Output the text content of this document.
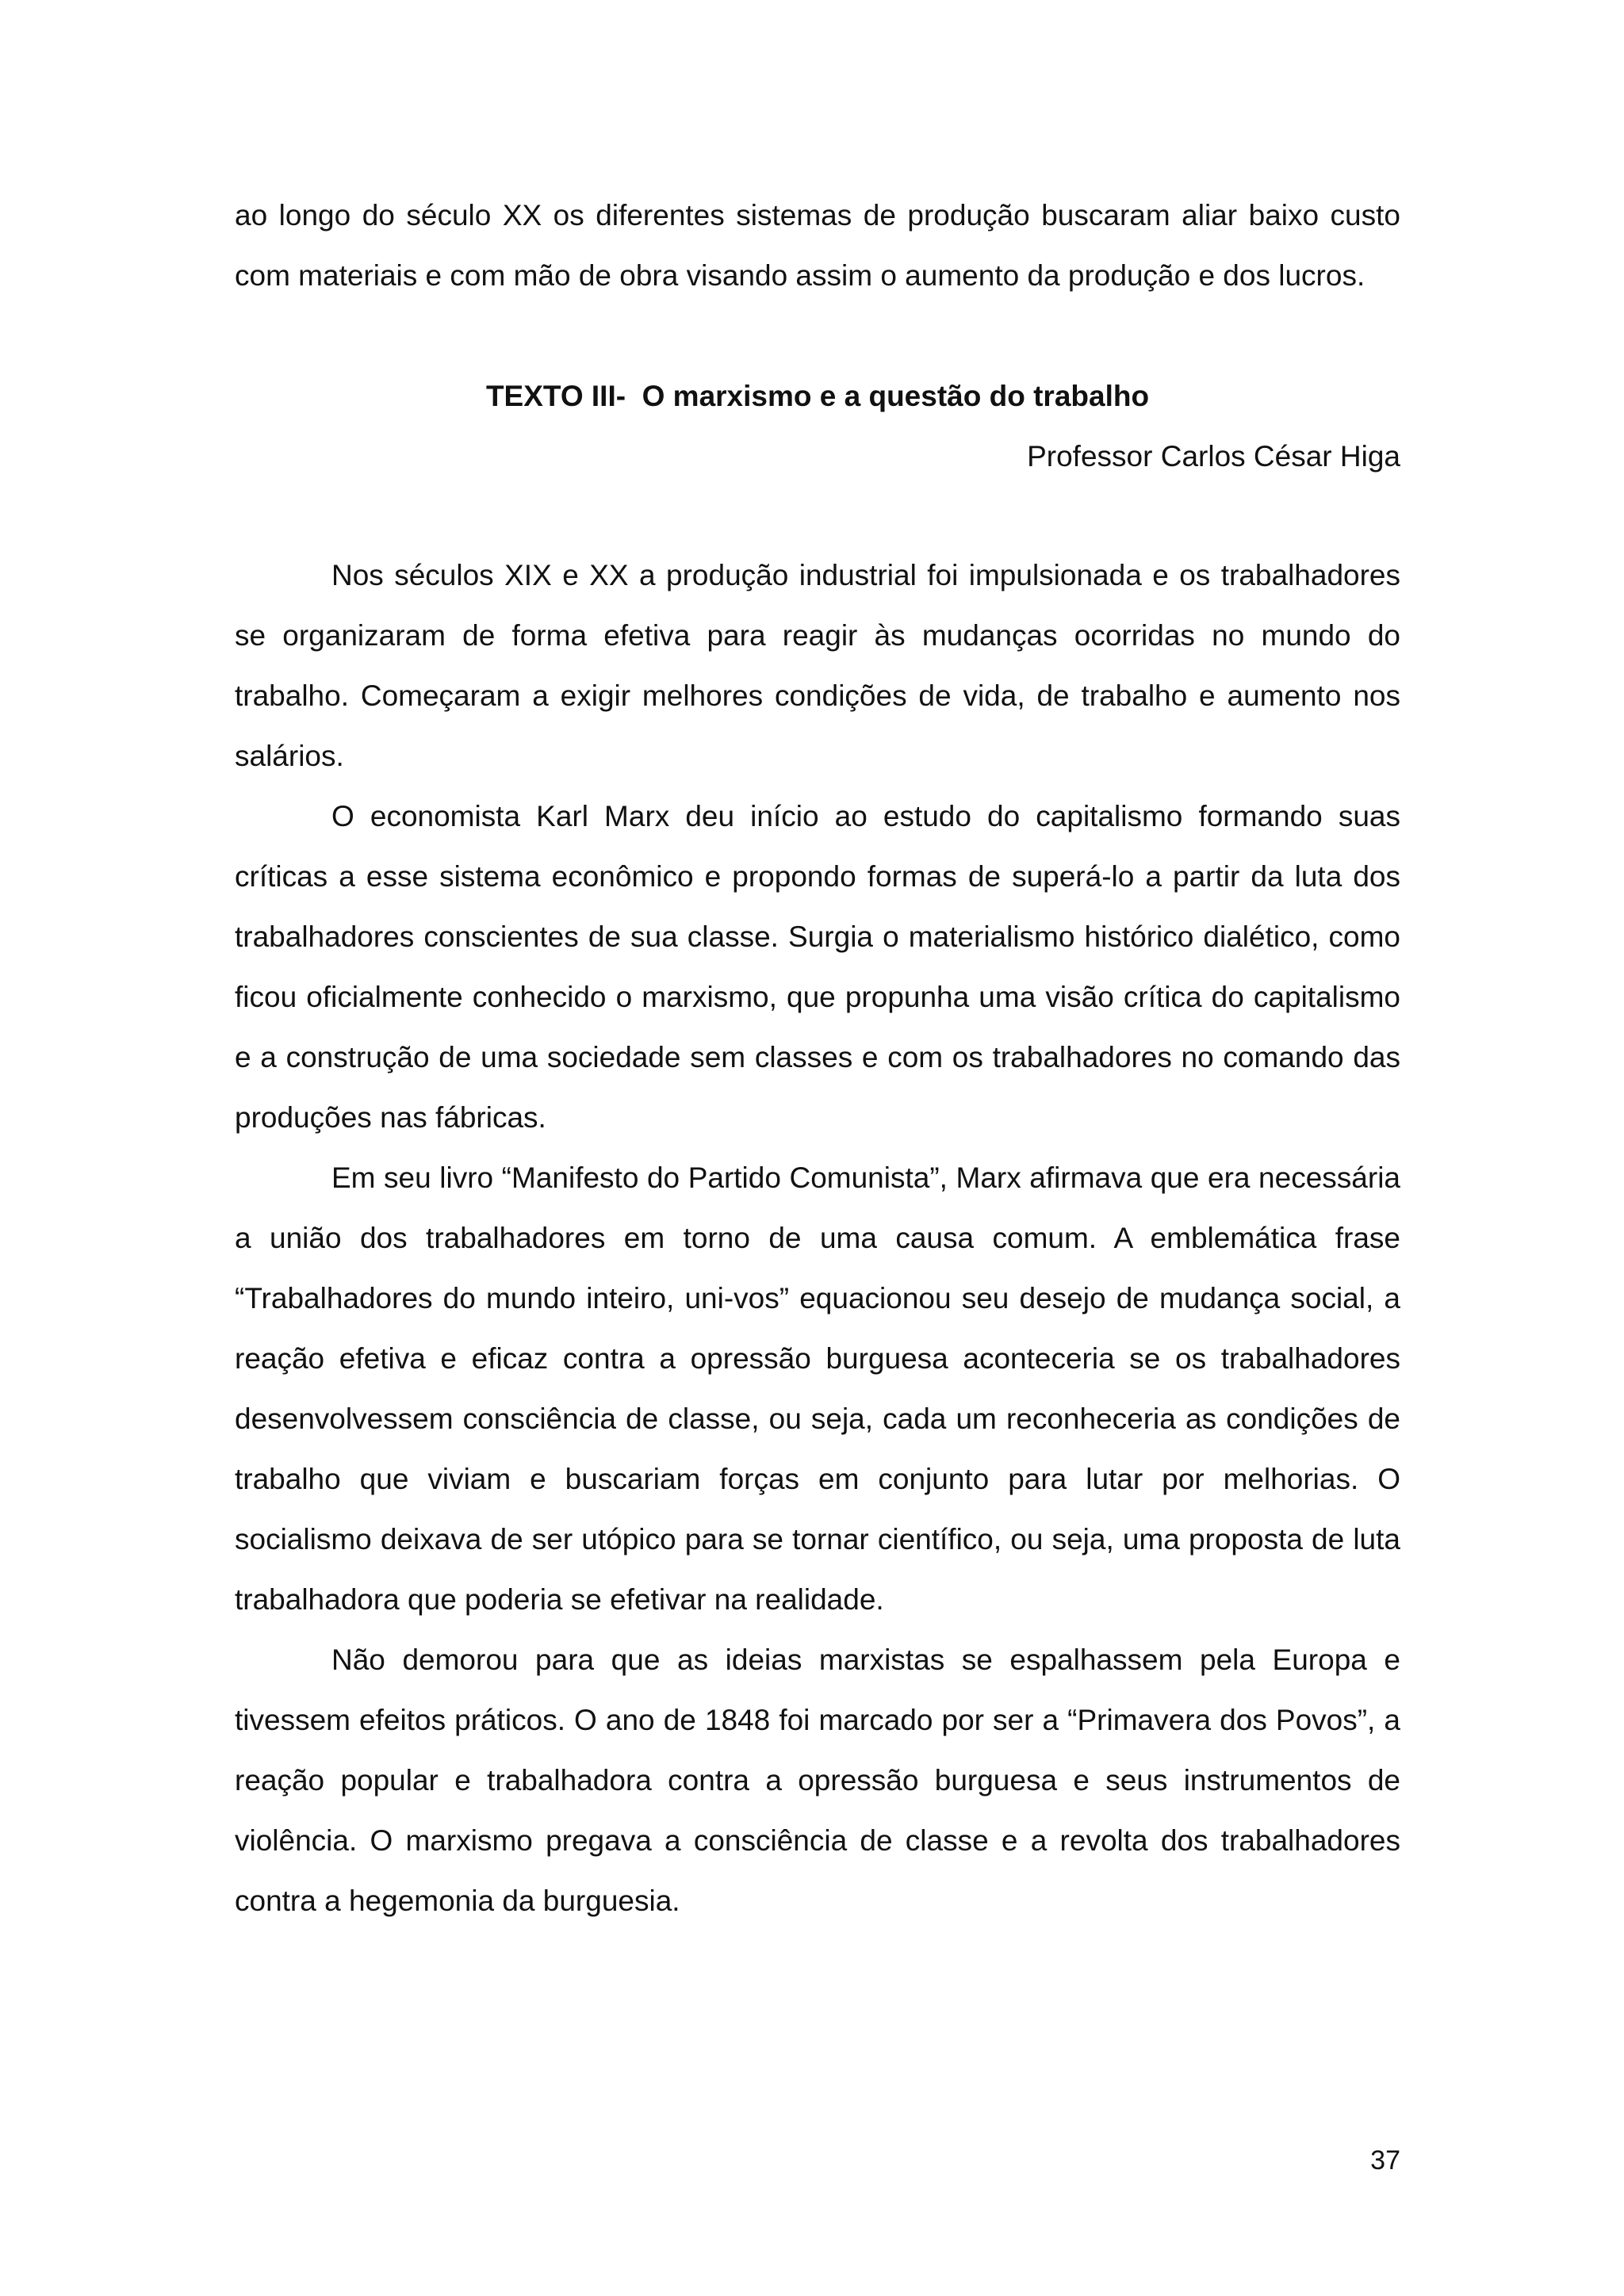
ao longo do século XX os diferentes sistemas de produção buscaram aliar baixo custo com materiais e com mão de obra visando assim o aumento da produção e dos lucros.
TEXTO III-  O marxismo e a questão do trabalho
Professor Carlos César Higa

Nos séculos XIX e XX a produção industrial foi impulsionada e os trabalhadores se organizaram de forma efetiva para reagir às mudanças ocorridas no mundo do trabalho. Começaram a exigir melhores condições de vida, de trabalho e aumento nos salários.

O economista Karl Marx deu início ao estudo do capitalismo formando suas críticas a esse sistema econômico e propondo formas de superá-lo a partir da luta dos trabalhadores conscientes de sua classe. Surgia o materialismo histórico dialético, como ficou oficialmente conhecido o marxismo, que propunha uma visão crítica do capitalismo e a construção de uma sociedade sem classes e com os trabalhadores no comando das produções nas fábricas.

Em seu livro “Manifesto do Partido Comunista”, Marx afirmava que era necessária a união dos trabalhadores em torno de uma causa comum. A emblemática frase “Trabalhadores do mundo inteiro, uni-vos” equacionou seu desejo de mudança social, a reação efetiva e eficaz contra a opressão burguesa aconteceria se os trabalhadores desenvolvessem consciência de classe, ou seja, cada um reconheceria as condições de trabalho que viviam e buscariam forças em conjunto para lutar por melhorias. O socialismo deixava de ser utópico para se tornar científico, ou seja, uma proposta de luta trabalhadora que poderia se efetivar na realidade.

Não demorou para que as ideias marxistas se espalhassem pela Europa e tivessem efeitos práticos. O ano de 1848 foi marcado por ser a “Primavera dos Povos”, a reação popular e trabalhadora contra a opressão burguesa e seus instrumentos de violência. O marxismo pregava a consciência de classe e a revolta dos trabalhadores contra a hegemonia da burguesia.

37
